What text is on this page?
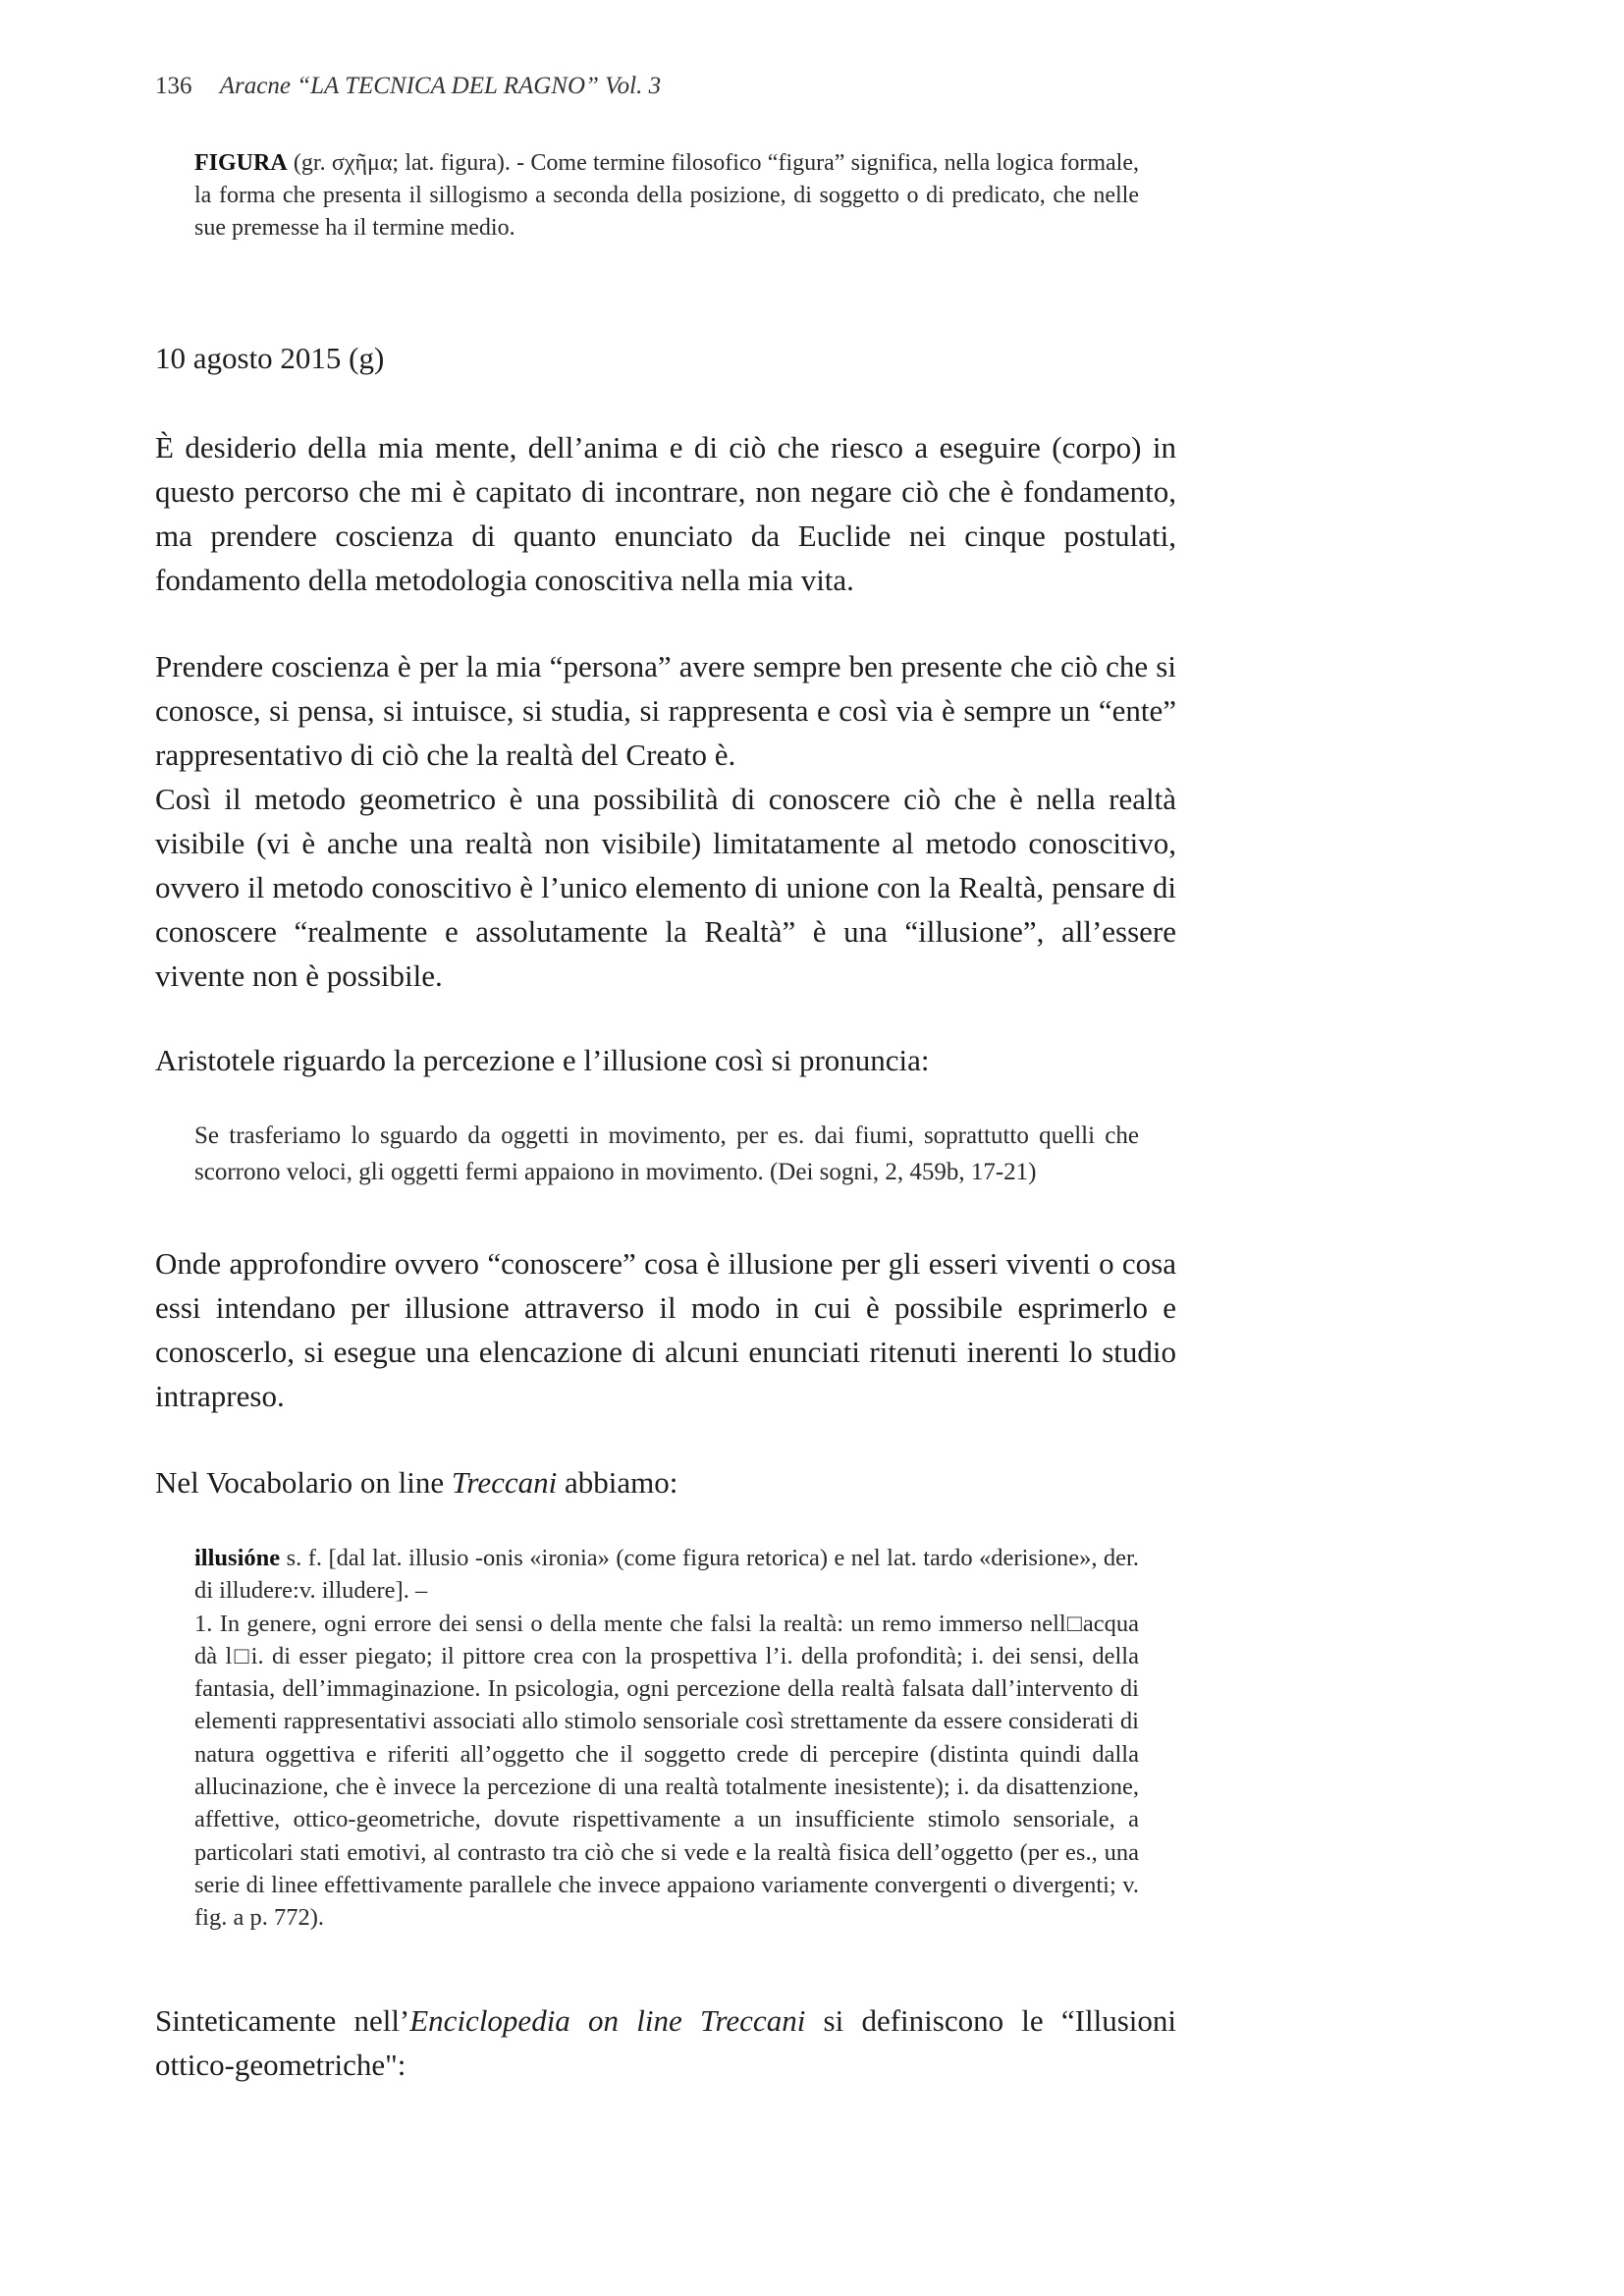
136 Aracne “LA TECNICA DEL RAGNO” Vol. 3
FIGURA (gr. σχῆμα; lat. figura). - Come termine filosofico “figura” significa, nella logica formale, la forma che presenta il sillogismo a seconda della posizione, di soggetto o di predicato, che nelle sue premesse ha il termine medio.
10 agosto 2015 (g)

È desiderio della mia mente, dell’anima e di ciò che riesco a eseguire (corpo) in questo percorso che mi è capitato di incontrare, non negare ciò che è fondamento, ma prendere coscienza di quanto enunciato da Euclide nei cinque postulati, fondamento della metodologia conoscitiva nella mia vita.

Prendere coscienza è per la mia “persona” avere sempre ben presente che ciò che si conosce, si pensa, si intuisce, si studia, si rappresenta e così via è sempre un “ente” rappresentativo di ciò che la realtà del Creato è.

Così il metodo geometrico è una possibilità di conoscere ciò che è nella realtà visibile (vi è anche una realtà non visibile) limitatamente al metodo conoscitivo, ovvero il metodo conoscitivo è l’unico elemento di unione con la Realtà, pensare di conoscere “realmente e assolutamente la Realtà” è una “illusione”, all’essere vivente non è possibile.

Aristotele riguardo la percezione e l’illusione così si pronuncia:

Se trasferiamo lo sguardo da oggetti in movimento, per es. dai fiumi, soprattutto quelli che scorrono veloci, gli oggetti fermi appaiono in movimento. (Dei sogni, 2, 459b, 17-21)

Onde approfondire ovvero “conoscere” cosa è illusione per gli esseri viventi o cosa essi intendano per illusione attraverso il modo in cui è possibile esprimerlo e conoscerlo, si esegue una elencazione di alcuni enunciati ritenuti inerenti lo studio intrapreso.

Nel Vocabolario on line Treccani abbiamo:

illusióne s. f. [dal lat. illusio -onis «ironia» (come figura retorica) e nel lat. tardo «derisione», der. di illudere:v. illudere]. –

1. In genere, ogni errore dei sensi o della mente che falsi la realtà: un remo immerso nell□acqua dà l□i. di esser piegato; il pittore crea con la prospettiva l’i. della profondità; i. dei sensi, della fantasia, dell’immaginazione. In psicologia, ogni percezione della realtà falsata dall’intervento di elementi rappresentativi associati allo stimolo sensoriale così strettamente da essere considerati di natura oggettiva e riferiti all’oggetto che il soggetto crede di percepire (distinta quindi dalla allucinazione, che è invece la percezione di una realtà totalmente inesistente); i. da disattenzione, affettive, ottico-geometriche, dovute rispettivamente a un insufficiente stimolo sensoriale, a particolari stati emotivi, al contrasto tra ciò che si vede e la realtà fisica dell’oggetto (per es., una serie di linee effettivamente parallele che invece appaiono variamente convergenti o divergenti; v. fig. a p. 772).

Sinteticamente nell’Enciclopedia on line Treccani si definiscono le “Illusioni ottico-geometriche":
